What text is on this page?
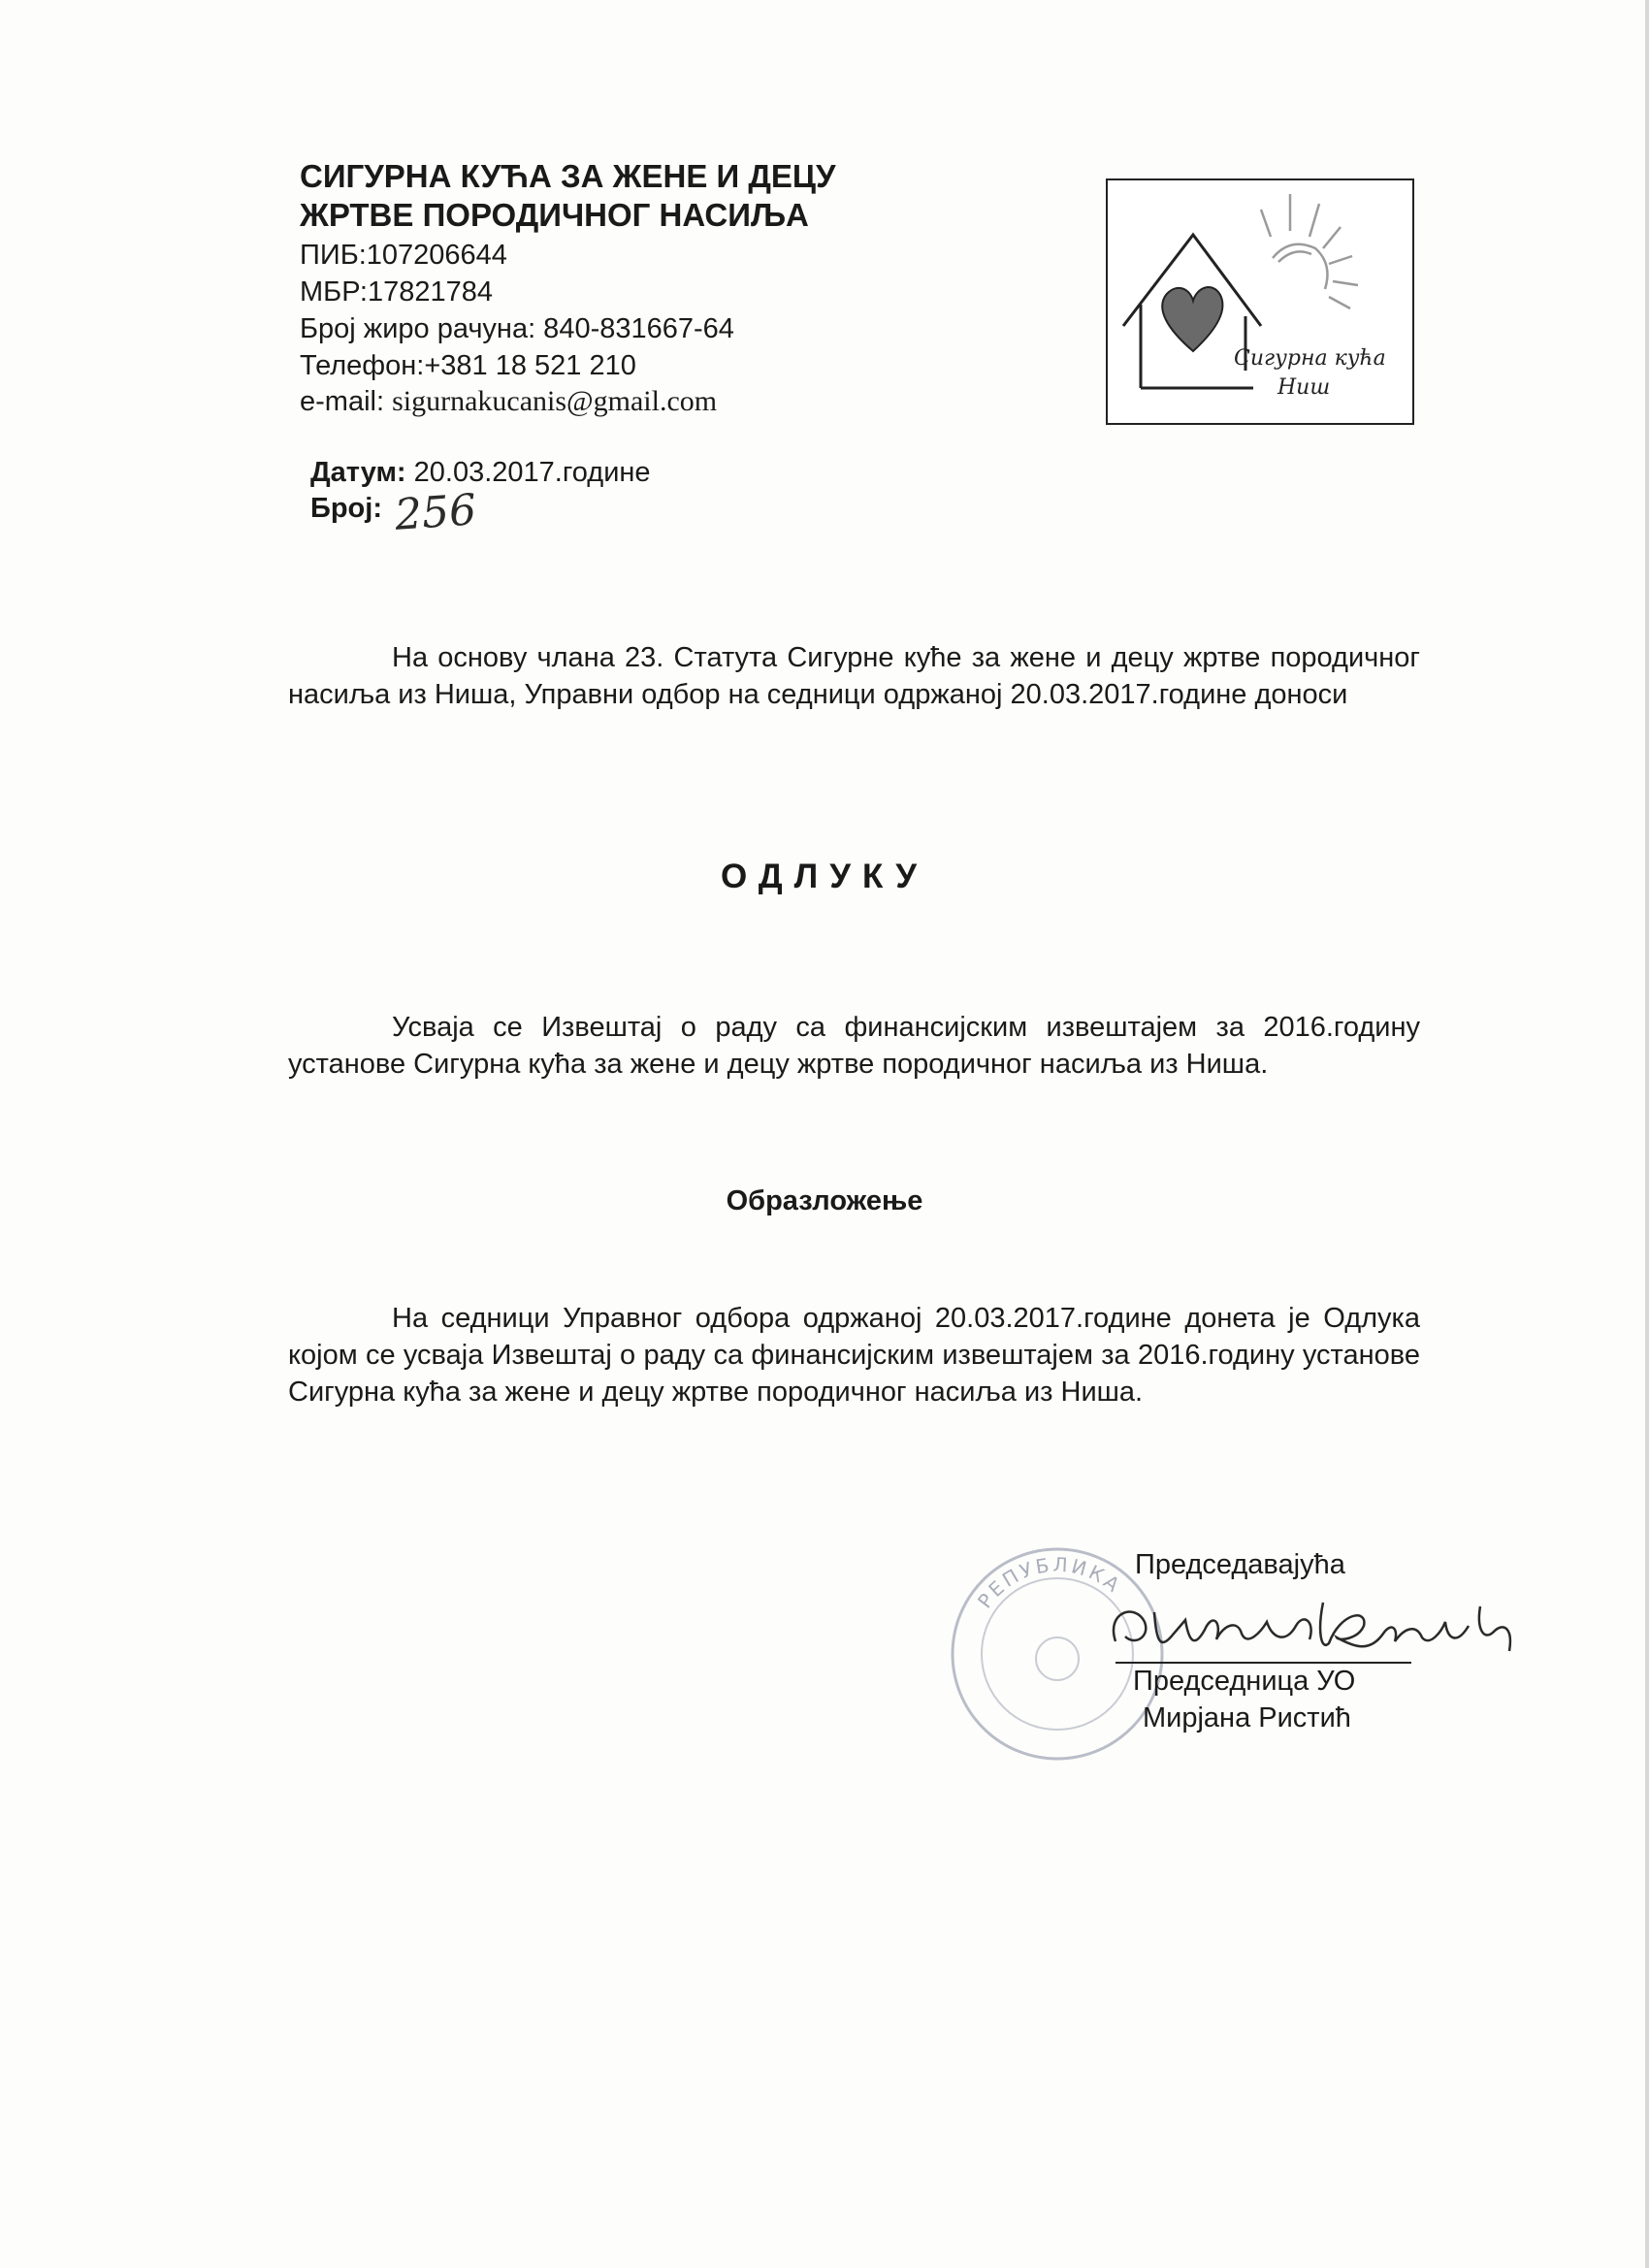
СИГУРНА КУЋА ЗА ЖЕНЕ И ДЕЦУ
ЖРТВЕ ПОРОДИЧНОГ НАСИЉА
ПИБ:107206644
МБР:17821784
Број жиро рачуна: 840-831667-64
Телефон:+381 18 521 210
e-mail: sigurnakucanis@gmail.com
Сигурна кућа
Ниш
Датум: 20.03.2017.године
Број: 256
На основу члана 23. Статута Сигурне куће за жене и децу жртве породичног насиља из Ниша, Управни одбор на седници одржаној 20.03.2017.године доноси
ОДЛУКУ
Усваја се Извештај о раду са финансијским извештајем за 2016.годину установе Сигурна кућа за жене и децу жртве породичног насиља из Ниша.
Образложење
На седници Управног одбора одржаној 20.03.2017.године донета је Одлука којом се усваја Извештај о раду са финансијским извештајем за 2016.годину установе Сигурна кућа за жене и децу жртве породичног насиља из Ниша.
РЕПУБЛИКА
Председавајућа
Председница УО
Мирјана Ристић
